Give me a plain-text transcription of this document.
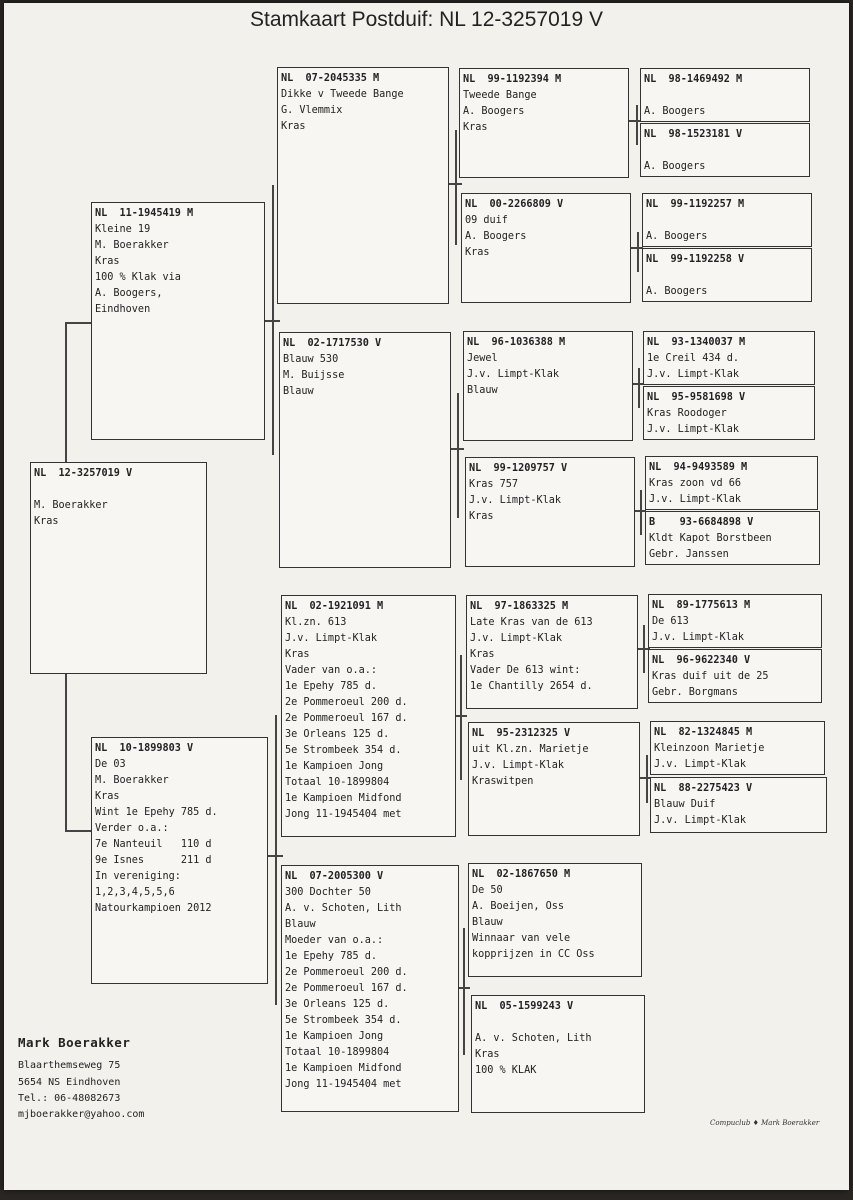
Stamkaart Postduif: NL 12-3257019 V
NL  12-3257019 V
M. Boerakker
Kras
NL  11-1945419 M
Kleine 19
M. Boerakker
Kras
100 % Klak via
A. Boogers,
Eindhoven
NL  10-1899803 V
De 03
M. Boerakker
Kras
Wint 1e Epehy 785 d.
Verder o.a.:
7e Nanteuil   110 d
9e Isnes      211 d
In vereniging:
1,2,3,4,5,5,6
Natourkampioen 2012
NL  07-2045335 M
Dikke v Tweede Bange
G. Vlemmix
Kras
NL  02-1717530 V
Blauw 530
M. Buijsse
Blauw
NL  02-1921091 M
Kl.zn. 613
J.v. Limpt-Klak
Kras
Vader van o.a.:
1e Epehy 785 d.
2e Pommeroeul 200 d.
2e Pommeroeul 167 d.
3e Orleans 125 d.
5e Strombeek 354 d.
1e Kampioen Jong
Totaal 10-1899804
1e Kampioen Midfond
Jong 11-1945404 met
NL  07-2005300 V
300 Dochter 50
A. v. Schoten, Lith
Blauw
Moeder van o.a.:
1e Epehy 785 d.
2e Pommeroeul 200 d.
2e Pommeroeul 167 d.
3e Orleans 125 d.
5e Strombeek 354 d.
1e Kampioen Jong
Totaal 10-1899804
1e Kampioen Midfond
Jong 11-1945404 met
NL  99-1192394 M
Tweede Bange
A. Boogers
Kras
NL  00-2266809 V
09 duif
A. Boogers
Kras
NL  96-1036388 M
Jewel
J.v. Limpt-Klak
Blauw
NL  99-1209757 V
Kras 757
J.v. Limpt-Klak
Kras
NL  97-1863325 M
Late Kras van de 613
J.v. Limpt-Klak
Kras
Vader De 613 wint:
1e Chantilly 2654 d.
NL  95-2312325 V
uit Kl.zn. Marietje
J.v. Limpt-Klak
Kraswitpen
NL  02-1867650 M
De 50
A. Boeijen, Oss
Blauw
Winnaar van vele
kopprijzen in CC Oss
NL  05-1599243 V
A. v. Schoten, Lith
Kras
100 % KLAK
NL  98-1469492 M
A. Boogers
NL  98-1523181 V
A. Boogers
NL  99-1192257 M
A. Boogers
NL  99-1192258 V
A. Boogers
NL  93-1340037 M
1e Creil 434 d.
J.v. Limpt-Klak
NL  95-9581698 V
Kras Roodoger
J.v. Limpt-Klak
NL  94-9493589 M
Kras zoon vd 66
J.v. Limpt-Klak
B    93-6684898 V
Kldt Kapot Borstbeen
Gebr. Janssen
NL  89-1775613 M
De 613
J.v. Limpt-Klak
NL  96-9622340 V
Kras duif uit de 25
Gebr. Borgmans
NL  82-1324845 M
Kleinzoon Marietje
J.v. Limpt-Klak
NL  88-2275423 V
Blauw Duif
J.v. Limpt-Klak
Mark Boerakker
Blaarthemseweg 75
5654 NS Eindhoven
Tel.: 06-48082673
mjboerakker@yahoo.com
Compuclub ♦ Mark Boerakker
